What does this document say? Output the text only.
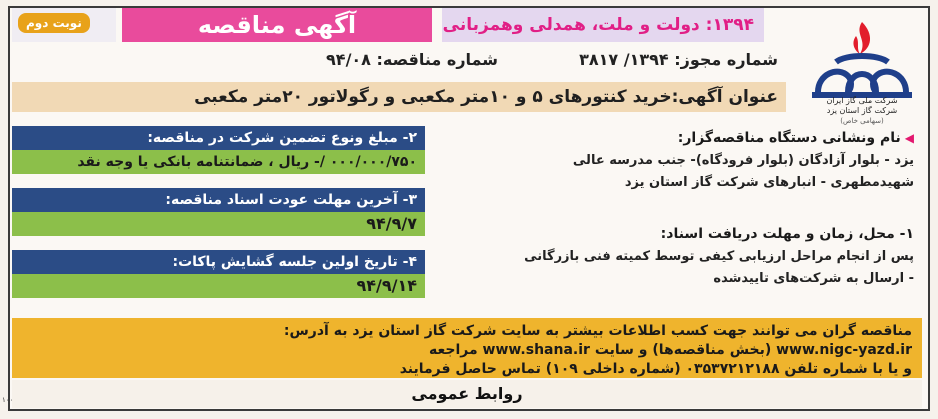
۱۳۹۴: دولت و ملت، همدلی وهمزبانی
آگهی مناقصه
نوبت دوم
شماره مجوز: ۱۳۹۴/ ۳۸۱۷
شماره مناقصه: ۹۴/۰۸
عنوان آگهی:خرید کنتورهای ۵ و ۱۰متر مکعبی و رگولاتور ۲۰متر مکعبی	شرکت ملی گاز ایران
شرکت گاز استان یزد
(سهامی خاص)
۲- مبلغ ونوع تضمین شرکت در مناقصه:
۰۰۰/۰۰۰/۷۵۰ /- ریال ، ضمانتنامه بانکی یا وجه نقد
۳- آخرین مهلت عودت اسناد مناقصه:
۹۴/۹/۷
۴- تاریخ اولین جلسه گشایش پاکات:
۹۴/۹/۱۴
◀نام ونشانی دستگاه مناقصه‌گزار:
یزد - بلوار آزادگان (بلوار فرودگاه)- جنب مدرسه عالی
شهیدمطهری - انبارهای شرکت گاز استان یزد
۱- محل، زمان و مهلت دریافت اسناد:
پس از انجام مراحل ارزیابی کیفی توسط کمیته فنی بازرگانی
- ارسال به شرکت‌های تاییدشده
مناقصه گران می توانند جهت کسب اطلاعات بیشتر به سایت شرکت گاز استان یزد به آدرس:
www.nigc-yazd.ir (بخش مناقصه‌ها) و سایت www.shana.ir مراجعه
و یا با شماره تلفن ۰۳۵۳۷۲۱۲۱۸۸ (شماره داخلی ۱۰۹) تماس حاصل فرمایند
روابط عمومی
۱۰۰
